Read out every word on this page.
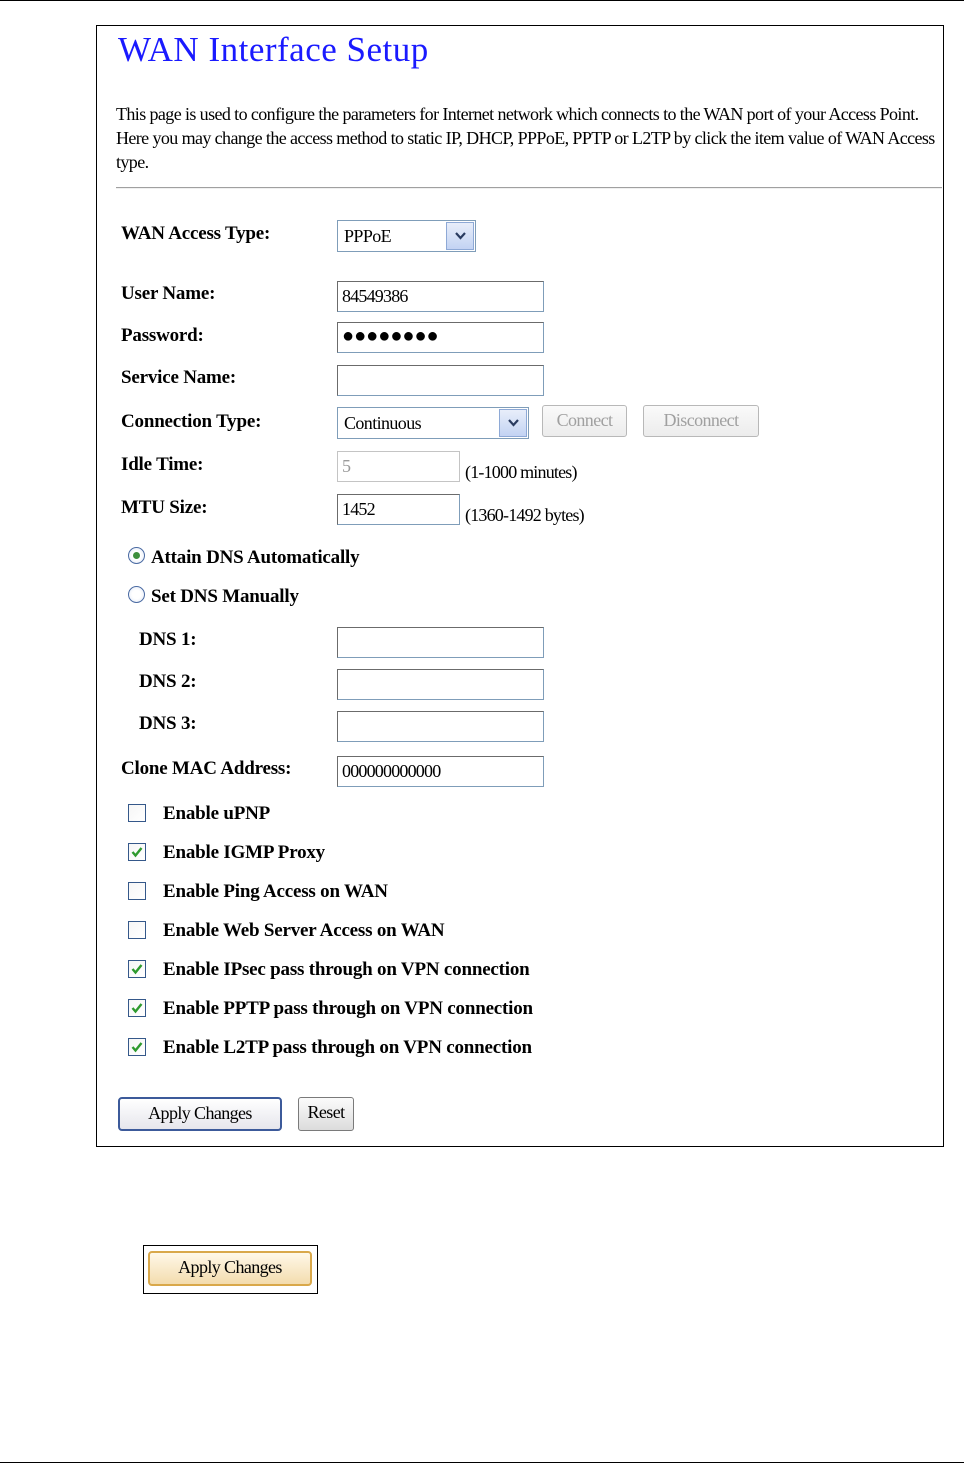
WAN Interface Setup
This page is used to configure the parameters for Internet network which connects to the WAN port of your Access Point. Here you may change the access method to static IP, DHCP, PPPoE, PPTP or L2TP by click the item value of WAN Access type.
WAN Access Type:	PPPoE
User Name:	84549386
Password:	●●●●●●●●
Service Name:
Connection Type:	Continuous	Connect	Disconnect
Idle Time:	5	(1-1000 minutes)
MTU Size:	1452	(1360-1492 bytes)
Attain DNS Automatically
Set DNS Manually
DNS 1:
DNS 2:
DNS 3:
Clone MAC Address:	000000000000
Enable uPNP
Enable IGMP Proxy
Enable Ping Access on WAN
Enable Web Server Access on WAN
Enable IPsec pass through on VPN connection
Enable PPTP pass through on VPN connection
Enable L2TP pass through on VPN connection
Apply Changes	Reset
Apply Changes
